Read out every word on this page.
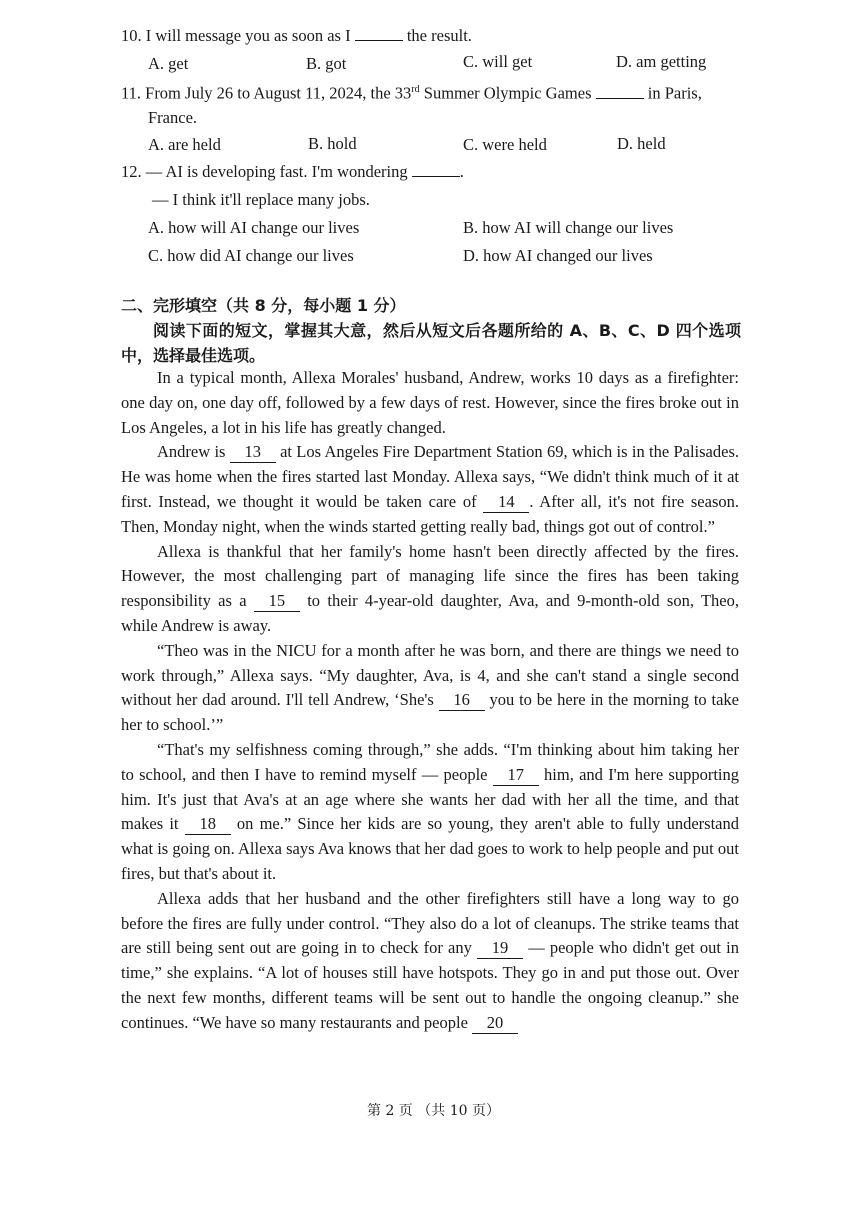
10. I will message you as soon as I	the result.
A. get	B. got	C. will get	D. am getting
11. From July 26 to August 11, 2024, the 33rd Summer Olympic Games	in Paris,
France.
A. are held	B. hold	C. were held	D. held
12. — AI is developing fast. I'm wondering	.
— I think it'll replace many jobs.
A. how will AI change our lives	B. how AI will change our lives
C. how did AI change our lives	D. how AI changed our lives
二、完形填空（共 8 分，每小题 1 分）
阅读下面的短文，掌握其大意，然后从短文后各题所给的 A、B、C、D 四个选项中，选择最佳选项。

In a typical month, Allexa Morales' husband, Andrew, works 10 days as a firefighter: one day on, one day off, followed by a few days of rest. However, since the fires broke out in Los Angeles, a lot in his life has greatly changed.

Andrew is 13 at Los Angeles Fire Department Station 69, which is in the Palisades. He was home when the fires started last Monday. Allexa says, “We didn't think much of it at first. Instead, we thought it would be taken care of 14 . After all, it's not fire season. Then, Monday night, when the winds started getting really bad, things got out of control.”

Allexa is thankful that her family's home hasn't been directly affected by the fires. However, the most challenging part of managing life since the fires has been taking responsibility as a 15 to their 4-year-old daughter, Ava, and 9-month-old son, Theo, while Andrew is away.

“Theo was in the NICU for a month after he was born, and there are things we need to work through,” Allexa says. “My daughter, Ava, is 4, and she can't stand a single second without her dad around. I'll tell Andrew, ‘She's 16 you to be here in the morning to take her to school.’”

“That's my selfishness coming through,” she adds. “I'm thinking about him taking her to school, and then I have to remind myself — people 17 him, and I'm here supporting him. It's just that Ava's at an age where she wants her dad with her all the time, and that makes it 18 on me.” Since her kids are so young, they aren't able to fully understand what is going on. Allexa says Ava knows that her dad goes to work to help people and put out fires, but that's about it.

Allexa adds that her husband and the other firefighters still have a long way to go before the fires are fully under control. “They also do a lot of cleanups. The strike teams that are still being sent out are going in to check for any 19 — people who didn't get out in time,” she explains. “A lot of houses still have hotspots. They go in and put those out. Over the next few months, different teams will be sent out to handle the ongoing cleanup.” she continues. “We have so many restaurants and people 20

第 2 页 （共 10 页）
